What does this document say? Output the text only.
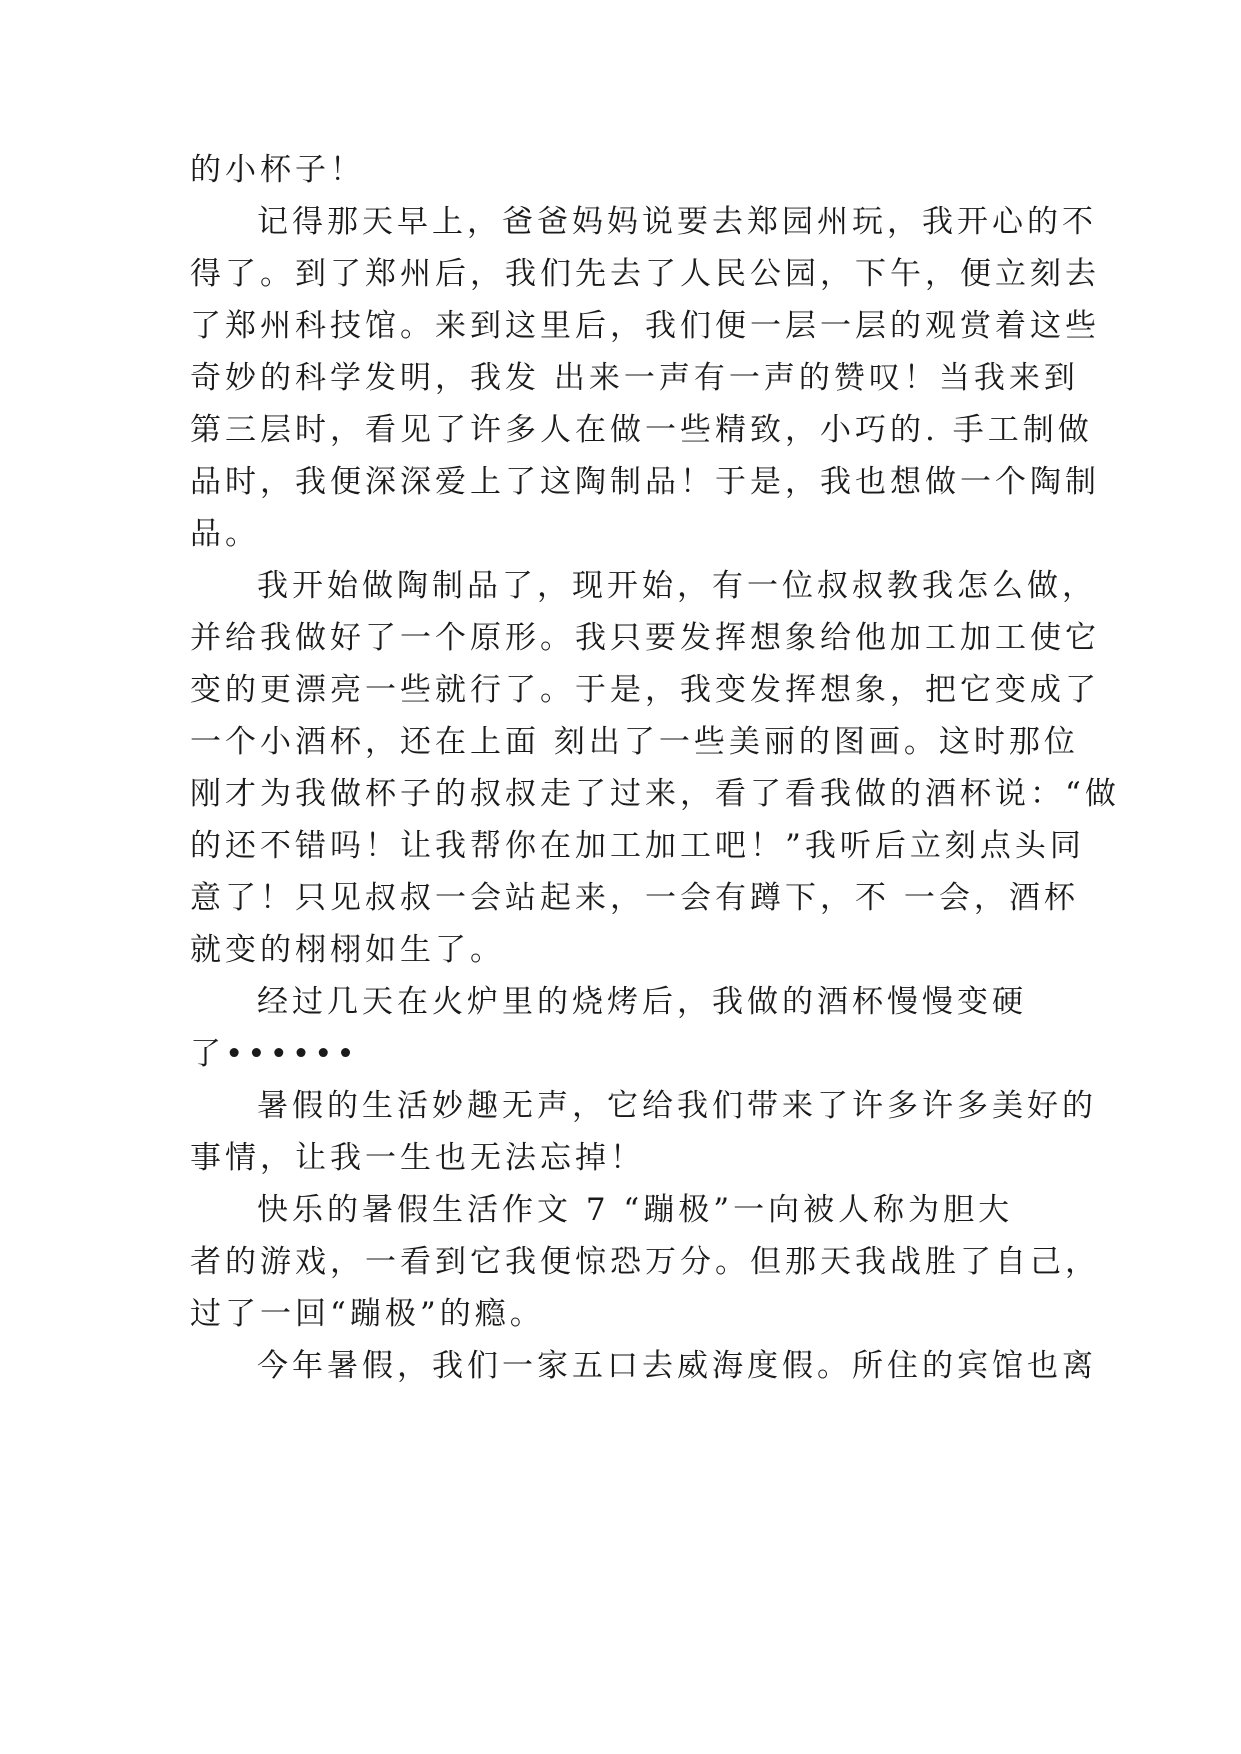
的小杯子！
记得那天早上，爸爸妈妈说要去郑园州玩，我开心的不
得了。到了郑州后，我们先去了人民公园，下午，便立刻去
了郑州科技馆。来到这里后，我们便一层一层的观赏着这些
奇妙的科学发明，我发 出来一声有一声的赞叹！当我来到
第三层时，看见了许多人在做一些精致，小巧的. 手工制做
品时，我便深深爱上了这陶制品！于是，我也想做一个陶制
品。
我开始做陶制品了，现开始，有一位叔叔教我怎么做，
并给我做好了一个原形。我只要发挥想象给他加工加工使它
变的更漂亮一些就行了。于是，我变发挥想象，把它变成了
一个小酒杯，还在上面 刻出了一些美丽的图画。这时那位
刚才为我做杯子的叔叔走了过来，看了看我做的酒杯说：“做
的还不错吗！让我帮你在加工加工吧！”我听后立刻点头同
意了！只见叔叔一会站起来，一会有蹲下，不 一会，酒杯
就变的栩栩如生了。
经过几天在火炉里的烧烤后，我做的酒杯慢慢变硬
了••••••
暑假的生活妙趣无声，它给我们带来了许多许多美好的
事情，让我一生也无法忘掉！
快乐的暑假生活作文 7 “蹦极”一向被人称为胆大
者的游戏，一看到它我便惊恐万分。但那天我战胜了自己，
过了一回“蹦极”的瘾。
今年暑假，我们一家五口去威海度假。所住的宾馆也离
